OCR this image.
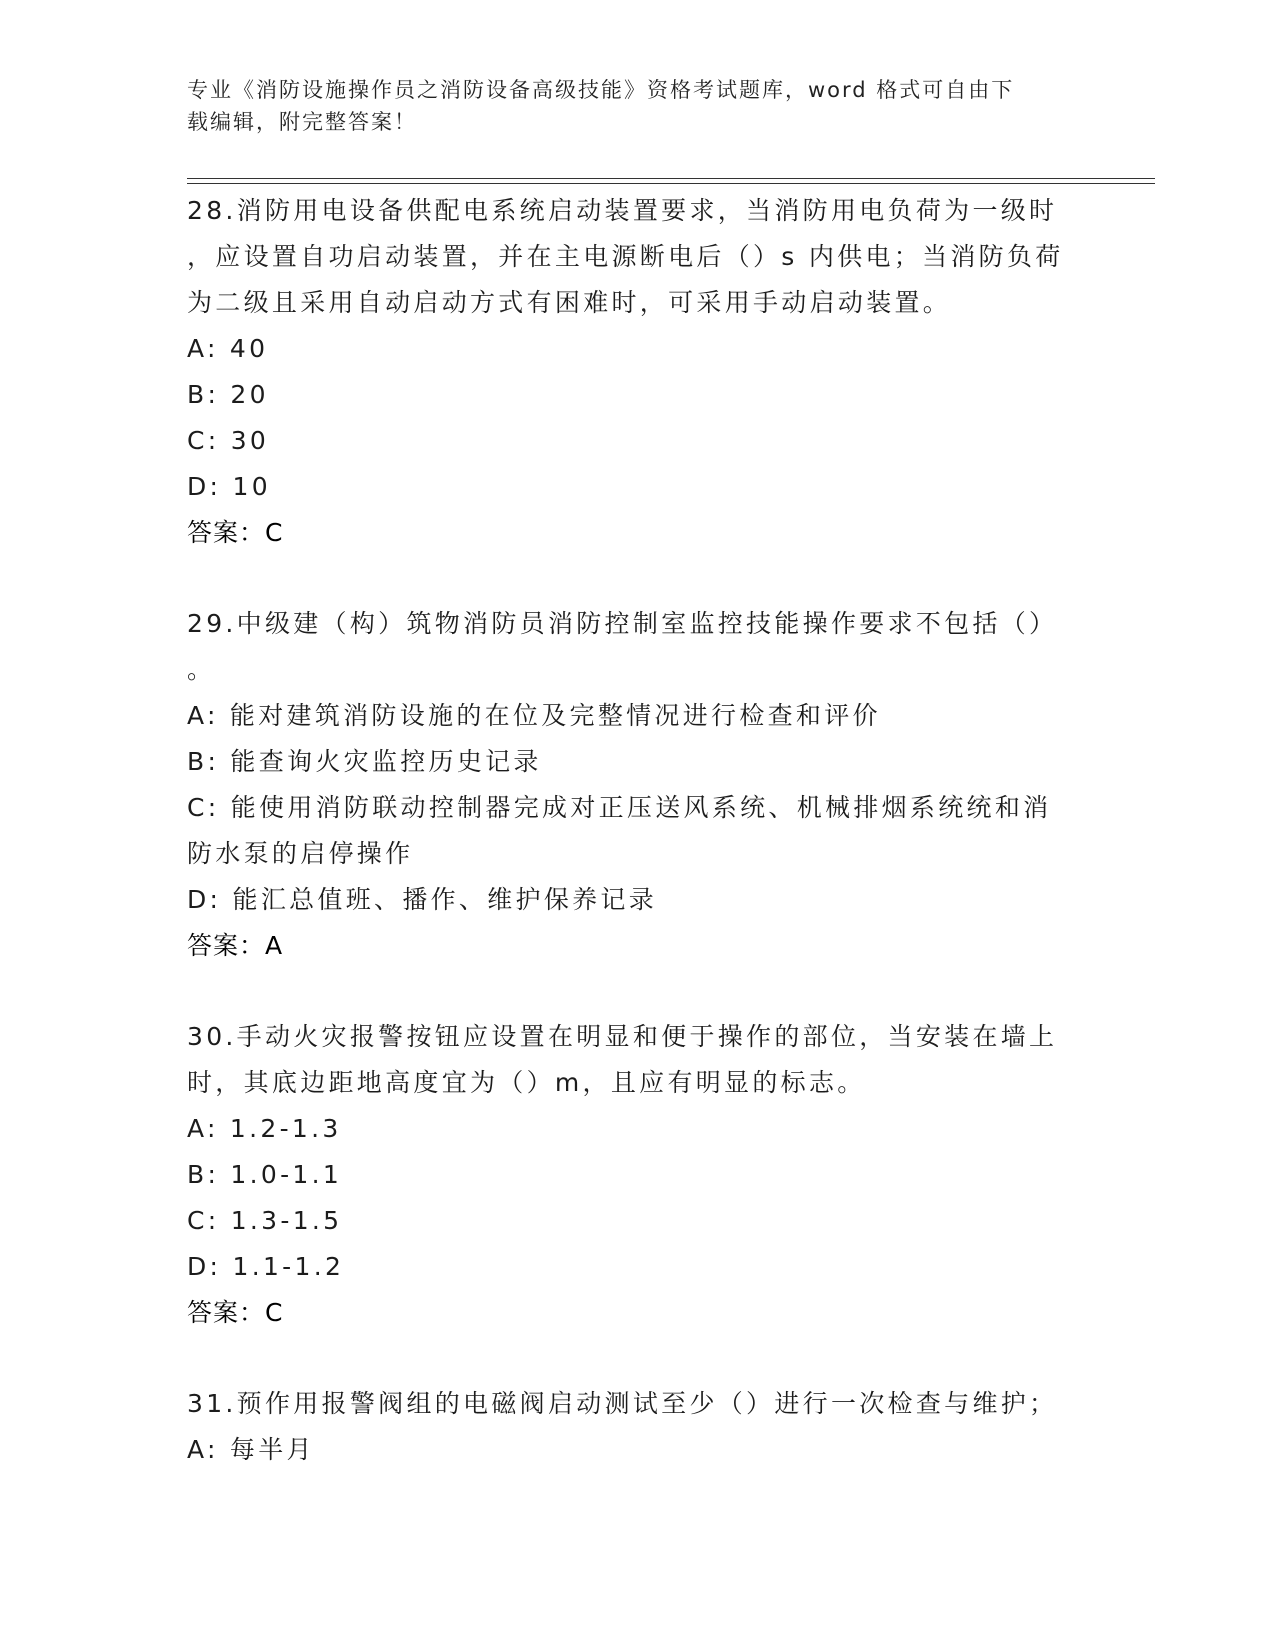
专业《消防设施操作员之消防设备高级技能》资格考试题库，word 格式可自由下
载编辑，附完整答案！
28.消防用电设备供配电系统启动装置要求，当消防用电负荷为一级时
，应设置自功启动装置，并在主电源断电后（）s 内供电；当消防负荷
为二级且采用自动启动方式有困难时，可采用手动启动装置。
A: 40
B: 20
C: 30
D: 10
答案：C
29.中级建（构）筑物消防员消防控制室监控技能操作要求不包括（）
。
A: 能对建筑消防设施的在位及完整情况进行检查和评价
B: 能查询火灾监控历史记录
C: 能使用消防联动控制器完成对正压送风系统、机械排烟系统统和消
防水泵的启停操作
D: 能汇总值班、播作、维护保养记录
答案：A
30.手动火灾报警按钮应设置在明显和便于操作的部位，当安装在墙上
时，其底边距地高度宜为（）m，且应有明显的标志。
A: 1.2-1.3
B: 1.0-1.1
C: 1.3-1.5
D: 1.1-1.2
答案：C
31.预作用报警阀组的电磁阀启动测试至少（）进行一次检查与维护；
A: 每半月
